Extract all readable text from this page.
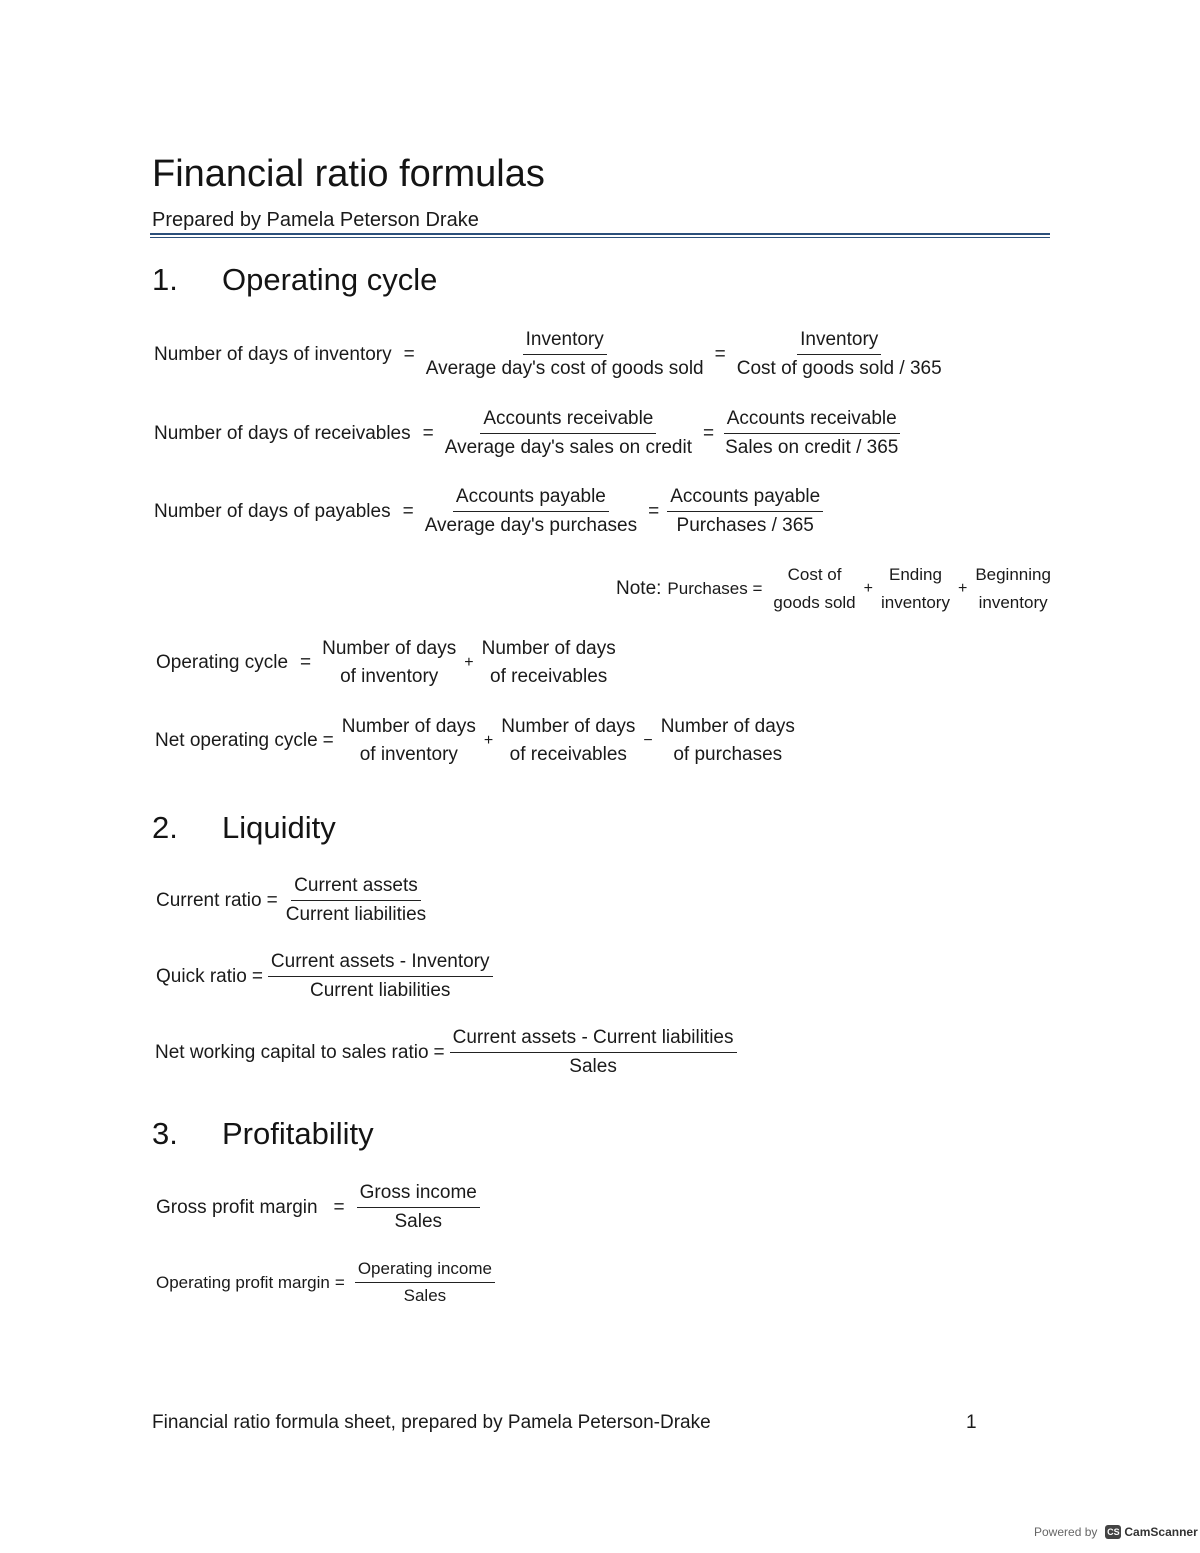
Financial ratio formulas
Prepared by Pamela Peterson Drake
1. Operating cycle
Number of days of inventory = $\frac{\text{Inventory}}{\text{Average day's cost of goods sold}} = \frac{\text{Inventory}}{\text{Cost of goods sold / 365}}$
Number of days of receivables = $\frac{\text{Accounts receivable}}{\text{Average day's sales on credit}} = \frac{\text{Accounts receivable}}{\text{Sales on credit / 365}}$
Number of days of payables = $\frac{\text{Accounts payable}}{\text{Average day's purchases}} = \frac{\text{Accounts payable}}{\text{Purchases / 365}}$
Note: Purchases =
Cost of
goods sold
+
Ending
inventory
+
Beginning
inventory
Operating cycle =
Number of days
of inventory
+
Number of days
of receivables
Net operating cycle =
Number of days
of inventory
+
Number of days
of receivables
−
Number of days
of purchases
2. Liquidity
Current ratio = $\frac{\text{Current assets}}{\text{Current liabilities}}$
Quick ratio = $\frac{\text{Current assets - Inventory}}{\text{Current liabilities}}$
Net working capital to sales ratio = $\frac{\text{Current assets - Current liabilities}}{\text{Sales}}$
3. Profitability
Gross profit margin = $\frac{\text{Gross income}}{\text{Sales}}$
Operating profit margin = $\frac{\text{Operating income}}{\text{Sales}}$
Financial ratio formula sheet, prepared by Pamela Peterson-Drake	1
Powered by CS CamScanner
